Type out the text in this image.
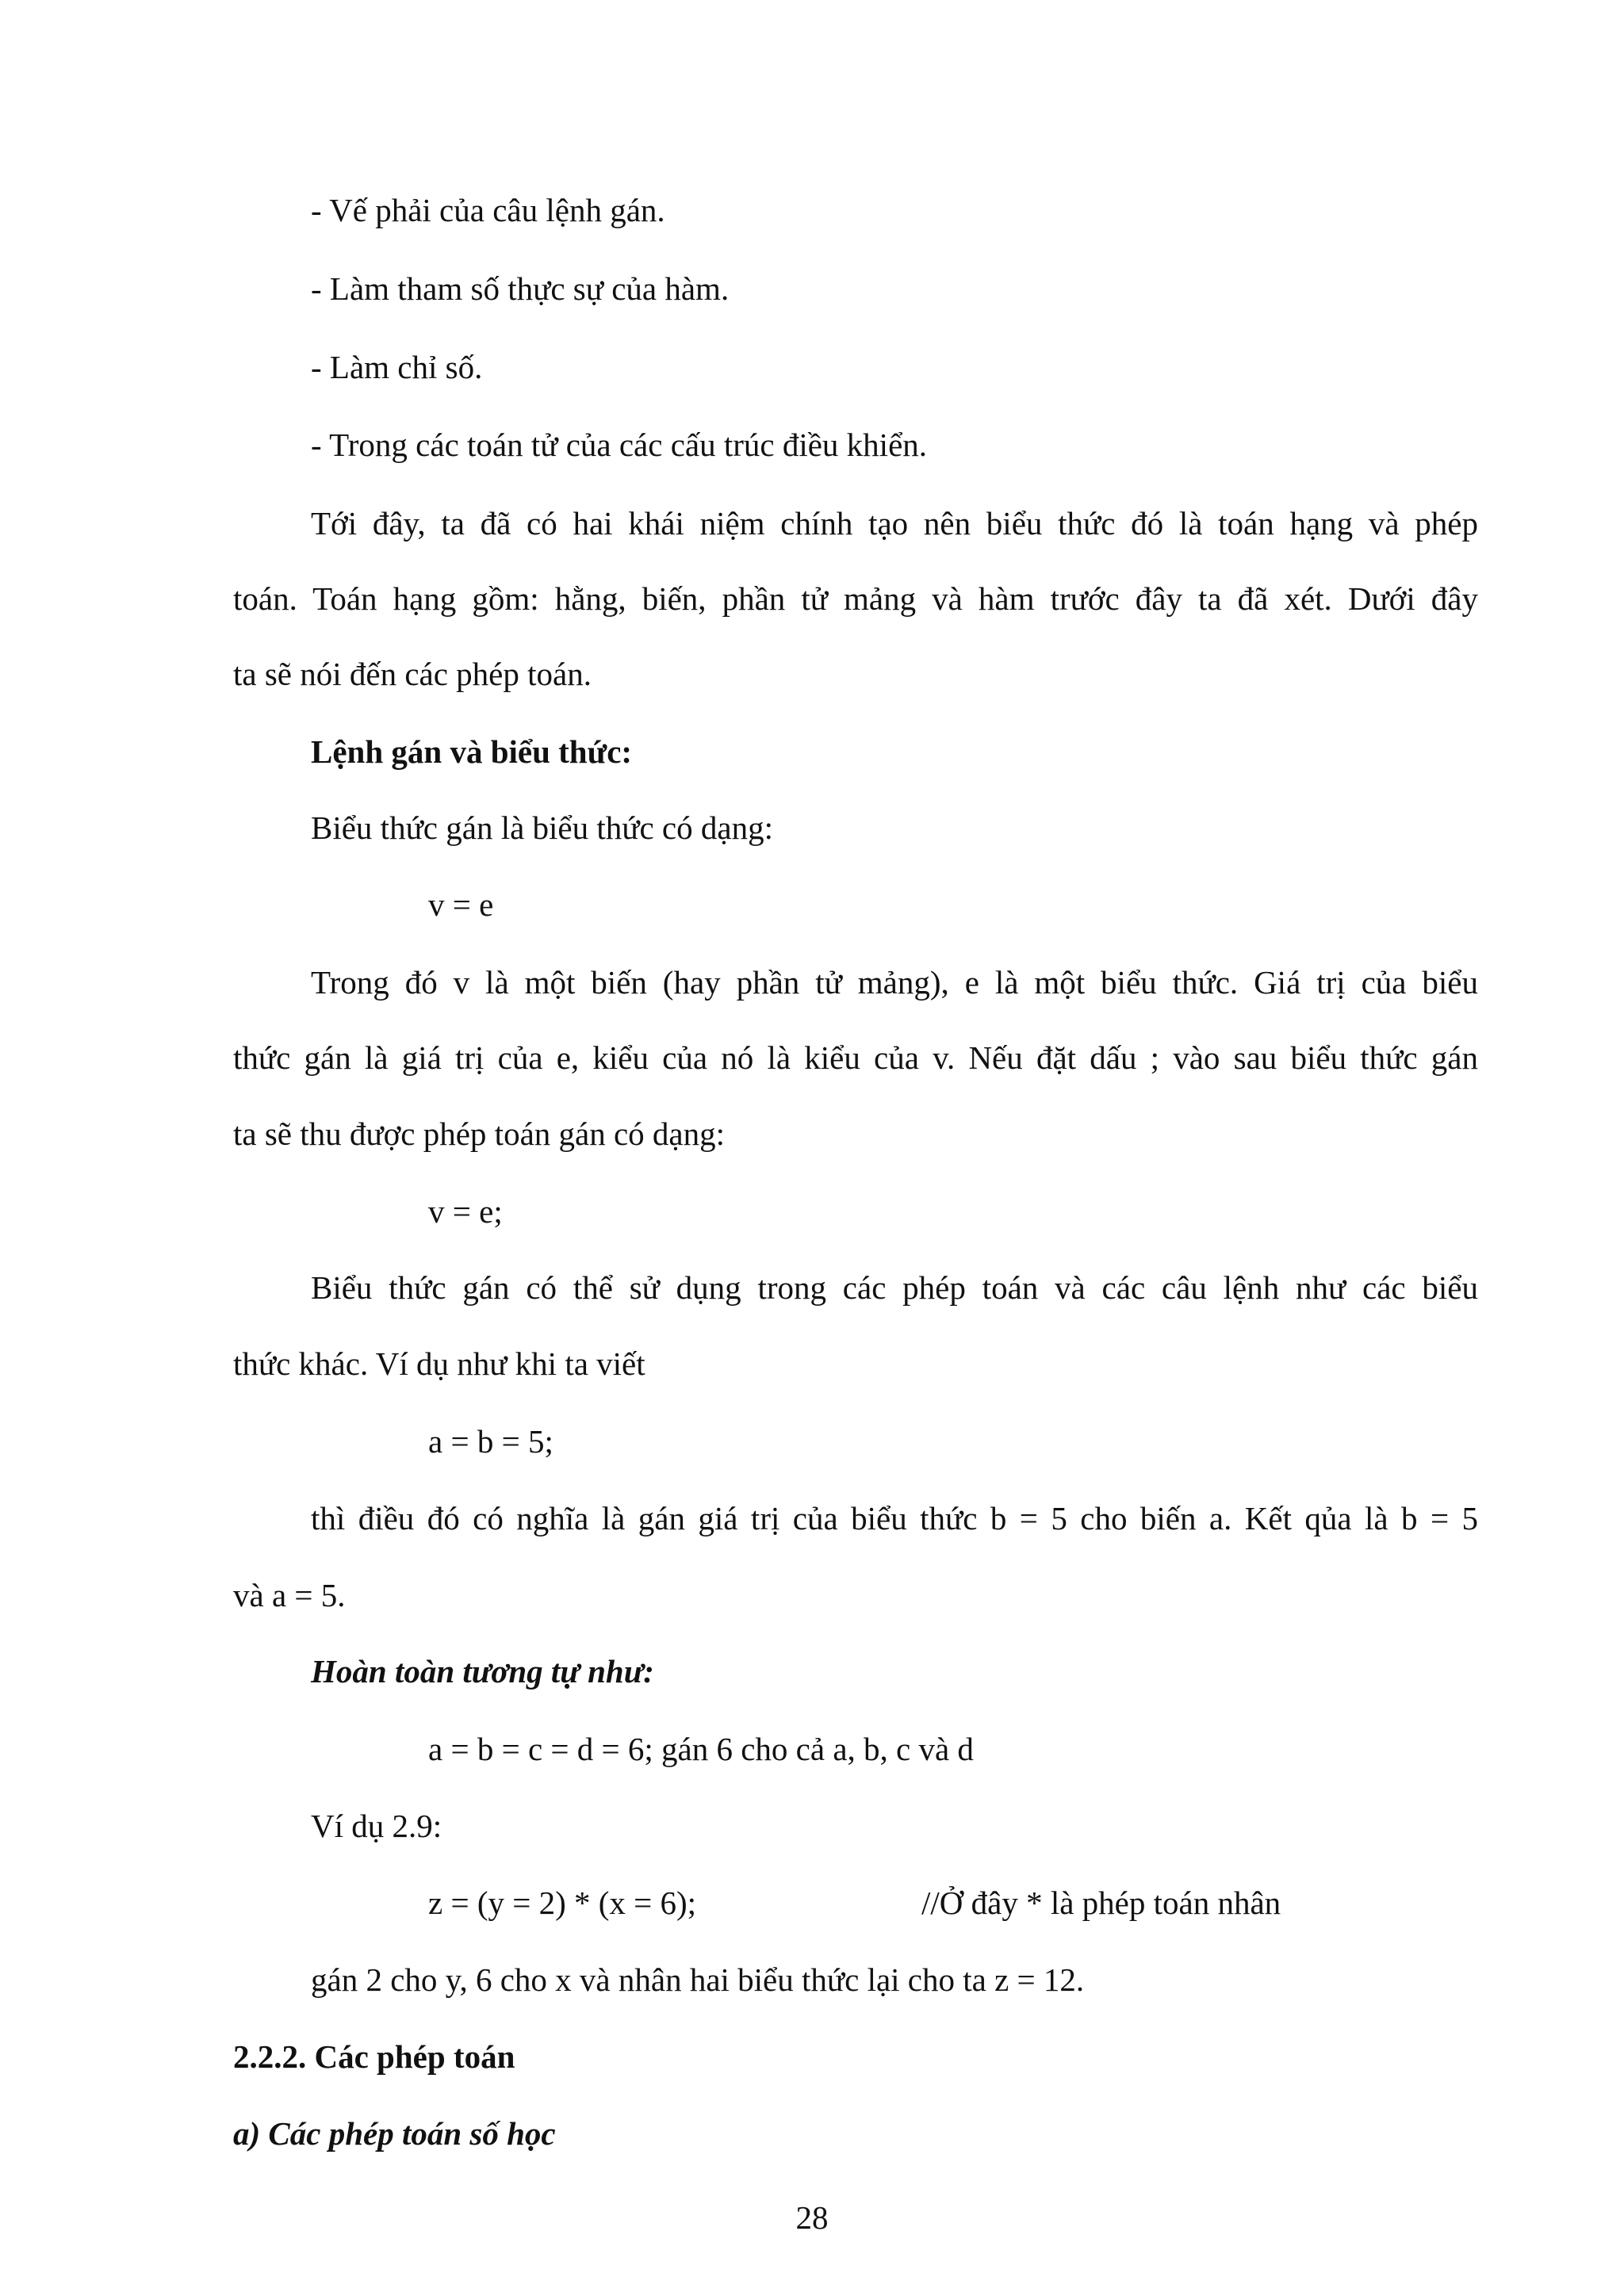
- Vế phải của câu lệnh gán.
- Làm tham số thực sự của hàm.
- Làm chỉ số.
- Trong các toán tử của các cấu trúc điều khiển.
Tới đây, ta đã có hai khái niệm chính tạo nên biểu thức đó là toán hạng và phép
toán. Toán hạng gồm: hằng, biến, phần tử mảng và hàm trước đây ta đã xét. Dưới đây
ta sẽ nói đến các phép toán.
Lệnh gán và biểu thức:
Biểu thức gán là biểu thức có dạng:
v = e
Trong đó v là một biến (hay phần tử mảng), e là một biểu thức. Giá trị của biểu
thức gán là giá trị của e, kiểu của nó là kiểu của v. Nếu đặt dấu ; vào sau biểu thức gán
ta sẽ thu được phép toán gán có dạng:
v = e;
Biểu thức gán có thể sử dụng trong các phép toán và các câu lệnh như các biểu
thức khác. Ví dụ như khi ta viết
a = b = 5;
thì điều đó có nghĩa là gán giá trị của biểu thức b = 5 cho biến a. Kết qủa là b = 5
và a = 5.
Hoàn toàn tương tự như:
a = b = c = d = 6; gán 6 cho cả a, b, c và d
Ví dụ 2.9:
z = (y = 2) * (x = 6);	//Ở đây * là phép toán nhân
gán 2 cho y, 6 cho x và nhân hai biểu thức lại cho ta z = 12.
2.2.2. Các phép toán
a) Các phép toán số học
28
